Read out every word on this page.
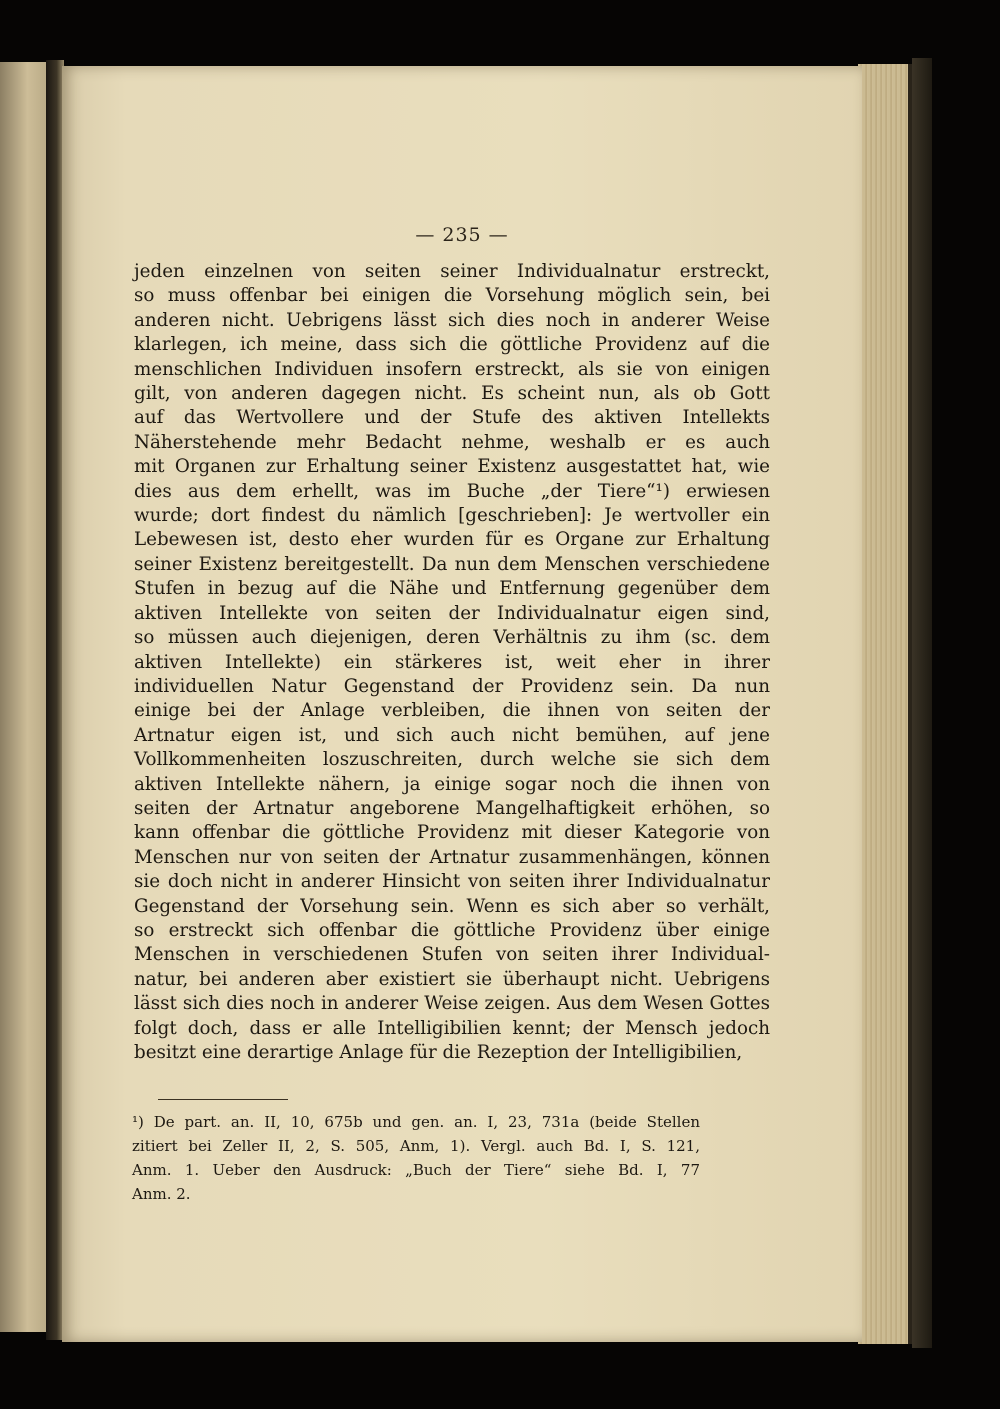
— 235 —
jeden einzelnen von seiten seiner Individualnatur erstreckt,
so muss offenbar bei einigen die Vorsehung möglich sein, bei
anderen nicht. Uebrigens lässt sich dies noch in anderer Weise
klarlegen, ich meine, dass sich die göttliche Providenz auf die
menschlichen Individuen insofern erstreckt, als sie von einigen
gilt, von anderen dagegen nicht. Es scheint nun, als ob Gott
auf das Wertvollere und der Stufe des aktiven Intellekts
Näherstehende mehr Bedacht nehme, weshalb er es auch
mit Organen zur Erhaltung seiner Existenz ausgestattet hat, wie
dies aus dem erhellt, was im Buche „der Tiere“¹) erwiesen
wurde; dort findest du nämlich [geschrieben]: Je wertvoller ein
Lebewesen ist, desto eher wurden für es Organe zur Erhaltung
seiner Existenz bereitgestellt. Da nun dem Menschen verschiedene
Stufen in bezug auf die Nähe und Entfernung gegenüber dem
aktiven Intellekte von seiten der Individualnatur eigen sind,
so müssen auch diejenigen, deren Verhältnis zu ihm (sc. dem
aktiven Intellekte) ein stärkeres ist, weit eher in ihrer
individuellen Natur Gegenstand der Providenz sein. Da nun
einige bei der Anlage verbleiben, die ihnen von seiten der
Artnatur eigen ist, und sich auch nicht bemühen, auf jene
Vollkommenheiten loszuschreiten, durch welche sie sich dem
aktiven Intellekte nähern, ja einige sogar noch die ihnen von
seiten der Artnatur angeborene Mangelhaftigkeit erhöhen, so
kann offenbar die göttliche Providenz mit dieser Kategorie von
Menschen nur von seiten der Artnatur zusammenhängen, können
sie doch nicht in anderer Hinsicht von seiten ihrer Individualnatur
Gegenstand der Vorsehung sein. Wenn es sich aber so verhält,
so erstreckt sich offenbar die göttliche Providenz über einige
Menschen in verschiedenen Stufen von seiten ihrer Individual-
natur, bei anderen aber existiert sie überhaupt nicht. Uebrigens
lässt sich dies noch in anderer Weise zeigen. Aus dem Wesen Gottes
folgt doch, dass er alle Intelligibilien kennt; der Mensch jedoch
besitzt eine derartige Anlage für die Rezeption der Intelligibilien,
¹) De part. an. II, 10, 675b und gen. an. I, 23, 731a (beide Stellen
zitiert bei Zeller II, 2, S. 505, Anm, 1). Vergl. auch Bd. I, S. 121,
Anm. 1. Ueber den Ausdruck: „Buch der Tiere“ siehe Bd. I, 77
Anm. 2.
